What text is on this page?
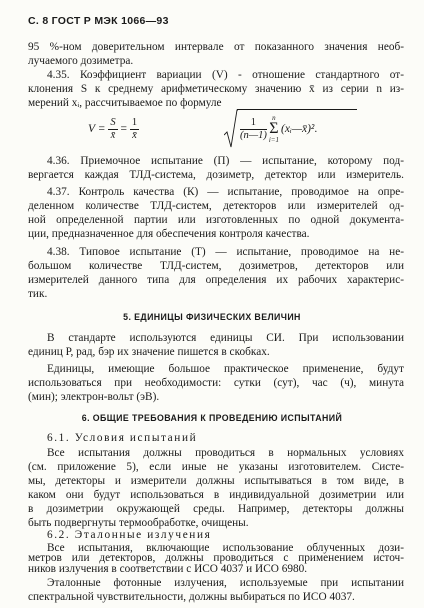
С. 8 ГОСТ Р МЭК 1066—93
95 %-ном доверительном интервале от показанного значения необ-
лучаемого дозиметра.
4.35. Коэффициент вариации (V) - отношение стандартного от-
клонения S к среднему арифметическому значению x̄ из серии n из-
мерений xᵢ, рассчитываемое по формуле
V =
$\frac{S}{x̄}$
=
$\frac{1}{x̄}$	$\frac{1}{(n—1)}$ n
Σ
i=1
(xᵢ—x̄)² .
4.36. Приемочное испытание (П) — испытание, которому под-
вергается каждая ТЛД-система, дозиметр, детектор или измеритель.
4.37. Контроль качества (К) — испытание, проводимое на опре-
деленном количестве ТЛД-систем, детекторов или измерителей од-
ной определенной партии или изготовленных по одной документа-
ции, предназначенное для обеспечения контроля качества.
4.38. Типовое испытание (Т) — испытание, проводимое на не-
большом количестве ТЛД-систем, дозиметров, детекторов или
измерителей данного типа для определения их рабочих характерис-
тик.
5. ЕДИНИЦЫ ФИЗИЧЕСКИХ ВЕЛИЧИН
В стандарте используются единицы СИ. При использовании
единиц Р, рад, бэр их значение пишется в скобках.
Единицы, имеющие большое практическое применение, будут
использоваться при необходимости: сутки (сут), час (ч), минута
(мин); электрон-вольт (эВ).
6. ОБЩИЕ ТРЕБОВАНИЯ К ПРОВЕДЕНИЮ ИСПЫТАНИЙ
6.1. Условия испытаний
Все испытания должны проводиться в нормальных условиях
(см. приложение 5), если иные не указаны изготовителем. Систе-
мы, детекторы и измерители должны испытываться в том виде, в
каком они будут использоваться в индивидуальной дозиметрии или
в дозиметрии окружающей среды. Например, детекторы должны
быть подвергнуты термообработке, очищены.
6.2. Эталонные излучения
Все испытания, включающие использование облученных дози-
метров или детекторов, должны проводиться с применением источ-
ников излучения в соответствии с ИСО 4037 и ИСО 6980.
Эталонные фотонные излучения, используемые при испытании
спектральной чувствительности, должны выбираться по ИСО 4037.
